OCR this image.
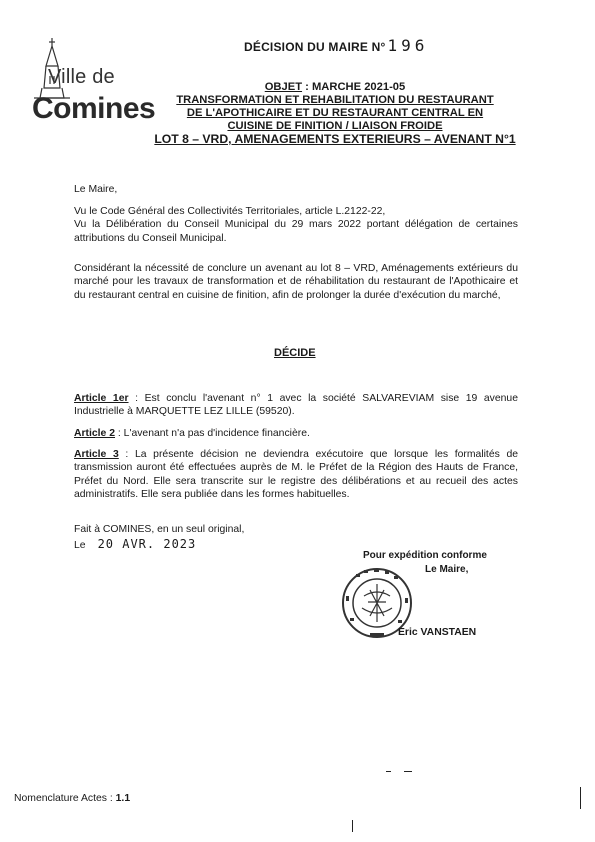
Ville de
Comines
DÉCISION DU MAIRE N° 196
OBJET : MARCHE 2021-05
TRANSFORMATION ET REHABILITATION DU RESTAURANT
DE L'APOTHICAIRE ET DU RESTAURANT CENTRAL EN
CUISINE DE FINITION / LIAISON FROIDE
LOT 8 – VRD, AMENAGEMENTS EXTERIEURS – AVENANT N°1
Le Maire,
Vu le Code Général des Collectivités Territoriales, article L.2122-22,
Vu la Délibération du Conseil Municipal du 29 mars 2022 portant délégation de certaines attributions du Conseil Municipal.
Considérant la nécessité de conclure un avenant au lot 8 – VRD, Aménagements extérieurs du marché pour les travaux de transformation et de réhabilitation du restaurant de l'Apothicaire et du restaurant central en cuisine de finition, afin de prolonger la durée d'exécution du marché,
DÉCIDE
Article 1er : Est conclu l'avenant n° 1 avec la société SALVAREVIAM sise 19 avenue Industrielle à MARQUETTE LEZ LILLE (59520).
Article 2 : L'avenant n'a pas d'incidence financière.
Article 3 : La présente décision ne deviendra exécutoire que lorsque les formalités de transmission auront été effectuées auprès de M. le Préfet de la Région des Hauts de France, Préfet du Nord. Elle sera transcrite sur le registre des délibérations et au recueil des actes administratifs. Elle sera publiée dans les formes habituelles.
Fait à COMINES, en un seul original,
Le 20 AVR. 2023
Pour expédition conforme
Le Maire,
Eric VANSTAEN
Nomenclature Actes : 1.1
